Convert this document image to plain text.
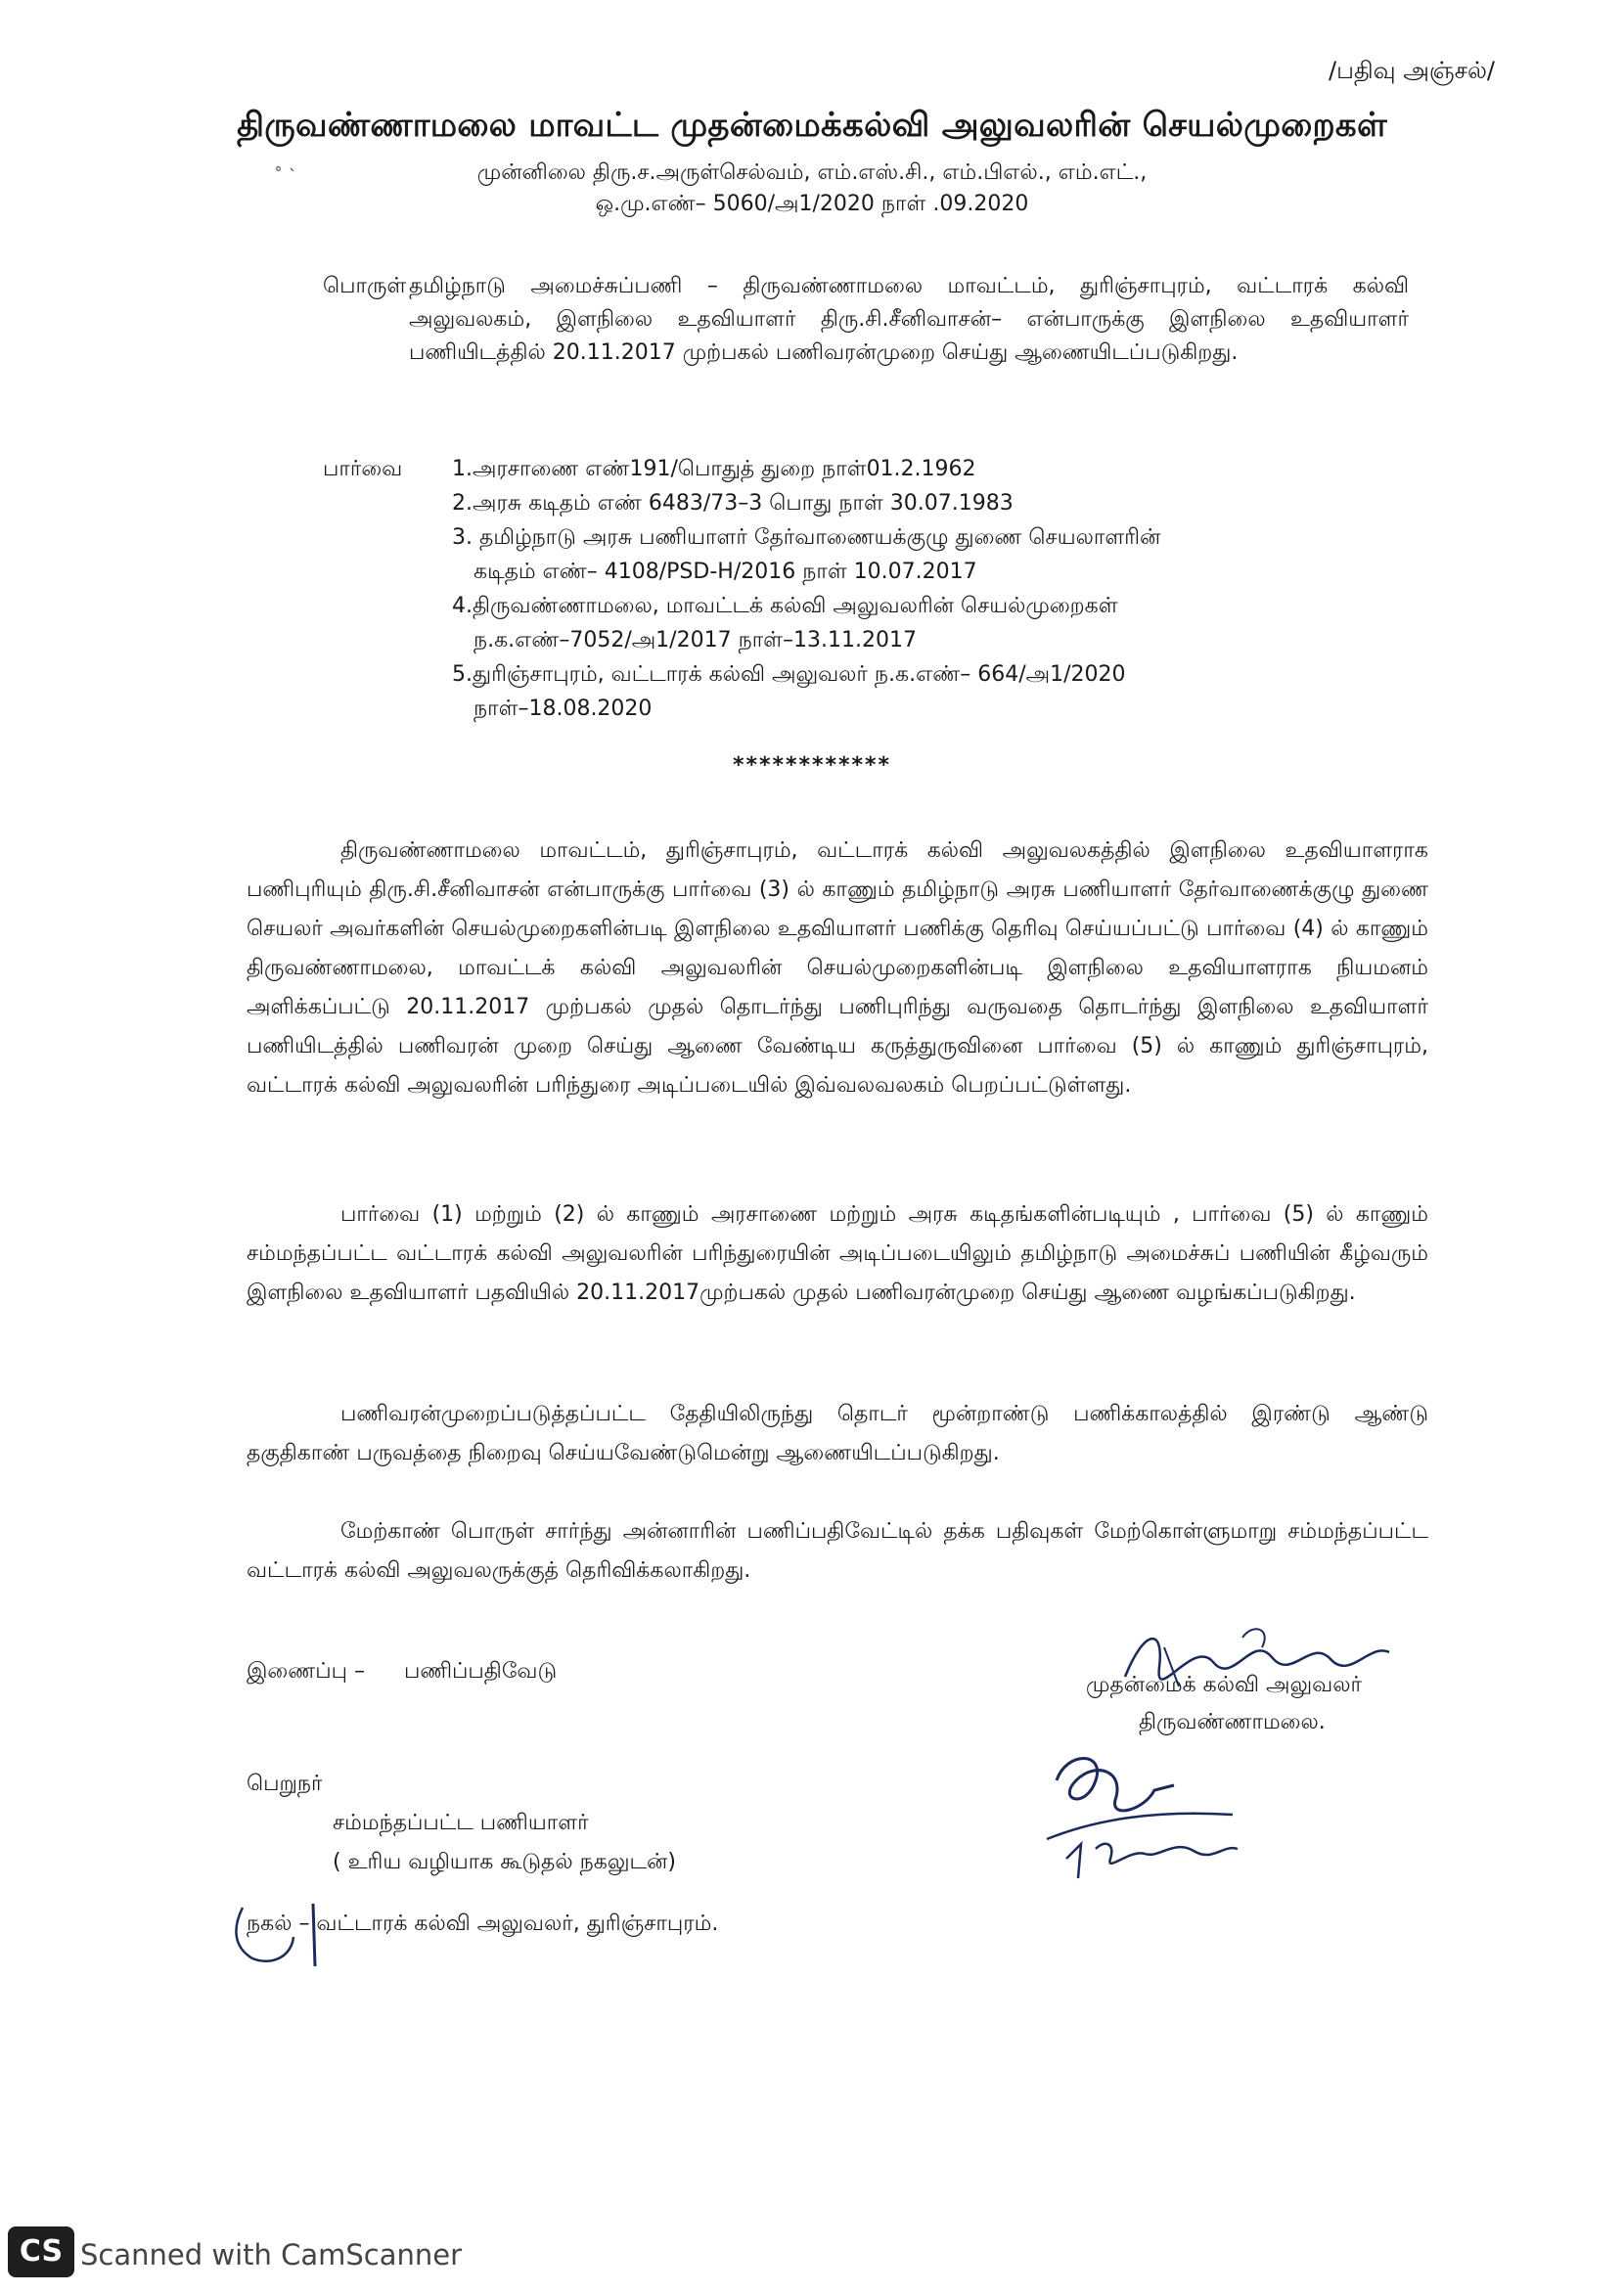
/பதிவு அஞ்சல்/
திருவண்ணாமலை மாவட்ட முதன்மைக்கல்வி அலுவலரின் செயல்முறைகள்
˚ `	முன்னிலை திரு.ச.அருள்செல்வம், எம்.எஸ்.சி., எம்.பிஎல்., எம்.எட்.,
ஒ.மு.எண்– 5060/அ1/2020 நாள் .09.2020
பொருள் தமிழ்நாடு அமைச்சுப்பணி – திருவண்ணாமலை மாவட்டம், துரிஞ்சாபுரம், வட்டாரக் கல்வி அலுவலகம், இளநிலை உதவியாளர் திரு.சி.சீனிவாசன்– என்பாருக்கு இளநிலை உதவியாளர் பணியிடத்தில் 20.11.2017 முற்பகல் பணிவரன்முறை செய்து ஆணையிடப்படுகிறது.
பார்வை 1.அரசாணை எண்191/பொதுத் துறை நாள்01.2.1962
2.அரசு கடிதம் எண் 6483/73–3 பொது நாள் 30.07.1983
3. தமிழ்நாடு அரசு பணியாளர் தேர்வாணையக்குழு துணை செயலாளரின்
கடிதம் எண்– 4108/PSD-H/2016 நாள் 10.07.2017
4.திருவண்ணாமலை, மாவட்டக் கல்வி அலுவலரின் செயல்முறைகள்
ந.க.எண்–7052/அ1/2017 நாள்–13.11.2017
5.துரிஞ்சாபுரம், வட்டாரக் கல்வி அலுவலர் ந.க.எண்– 664/அ1/2020
நாள்–18.08.2020
************

திருவண்ணாமலை மாவட்டம், துரிஞ்சாபுரம், வட்டாரக் கல்வி அலுவலகத்தில் இளநிலை உதவியாளராக பணிபுரியும் திரு.சி.சீனிவாசன் என்பாருக்கு பார்வை (3) ல் காணும் தமிழ்நாடு அரசு பணியாளர் தேர்வாணைக்குழு துணை செயலர் அவர்களின் செயல்முறைகளின்படி இளநிலை உதவியாளர் பணிக்கு தெரிவு செய்யப்பட்டு பார்வை (4) ல் காணும் திருவண்ணாமலை, மாவட்டக் கல்வி அலுவலரின் செயல்முறைகளின்படி இளநிலை உதவியாளராக நியமனம் அளிக்கப்பட்டு 20.11.2017 முற்பகல் முதல் தொடர்ந்து பணிபுரிந்து வருவதை தொடர்ந்து இளநிலை உதவியாளர் பணியிடத்தில் பணிவரன் முறை செய்து ஆணை வேண்டிய கருத்துருவினை பார்வை (5) ல் காணும் துரிஞ்சாபுரம், வட்டாரக் கல்வி அலுவலரின் பரிந்துரை அடிப்படையில் இவ்வலவலகம் பெறப்பட்டுள்ளது.

பார்வை (1) மற்றும் (2) ல் காணும் அரசாணை மற்றும் அரசு கடிதங்களின்படியும் , பார்வை (5) ல் காணும் சம்மந்தப்பட்ட வட்டாரக் கல்வி அலுவலரின் பரிந்துரையின் அடிப்படையிலும் தமிழ்நாடு அமைச்சுப் பணியின் கீழ்வரும் இளநிலை உதவியாளர் பதவியில் 20.11.2017முற்பகல் முதல் பணிவரன்முறை செய்து ஆணை வழங்கப்படுகிறது.

பணிவரன்முறைப்படுத்தப்பட்ட தேதியிலிருந்து தொடர் மூன்றாண்டு பணிக்காலத்தில் இரண்டு ஆண்டு தகுதிகாண் பருவத்தை நிறைவு செய்யவேண்டுமென்று ஆணையிடப்படுகிறது.

மேற்காண் பொருள் சார்ந்து அன்னாரின் பணிப்பதிவேட்டில் தக்க பதிவுகள் மேற்கொள்ளுமாறு சம்மந்தப்பட்ட வட்டாரக் கல்வி அலுவலருக்குத் தெரிவிக்கலாகிறது.

இணைப்பு – பணிப்பதிவேடு
முதன்மைக் கல்வி அலுவலர்
திருவண்ணாமலை.
பெறுநர்
சம்மந்தப்பட்ட பணியாளர்
( உரிய வழியாக கூடுதல் நகலுடன்)
நகல் – வட்டாரக் கல்வி அலுவலர், துரிஞ்சாபுரம்.
CS Scanned with CamScanner
